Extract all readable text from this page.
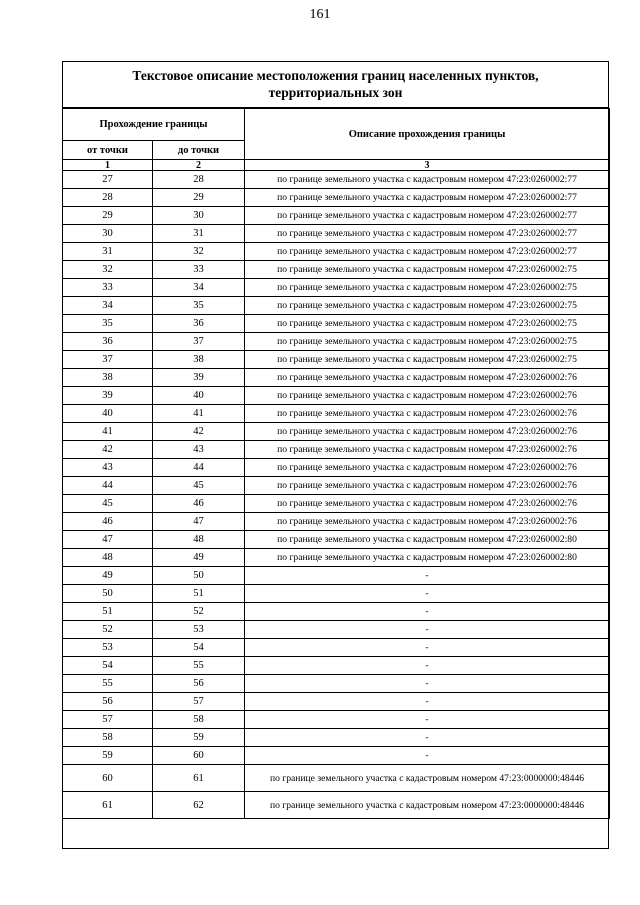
161
Текстовое описание местоположения границ населенных пунктов,
территориальных зон
Прохождение границы		Описание прохождения границы
от точки	до точки	
1	2	3
27	28	по границе земельного участка с кадастровым номером 47:23:0260002:77
28	29	по границе земельного участка с кадастровым номером 47:23:0260002:77
29	30	по границе земельного участка с кадастровым номером 47:23:0260002:77
30	31	по границе земельного участка с кадастровым номером 47:23:0260002:77
31	32	по границе земельного участка с кадастровым номером 47:23:0260002:77
32	33	по границе земельного участка с кадастровым номером 47:23:0260002:75
33	34	по границе земельного участка с кадастровым номером 47:23:0260002:75
34	35	по границе земельного участка с кадастровым номером 47:23:0260002:75
35	36	по границе земельного участка с кадастровым номером 47:23:0260002:75
36	37	по границе земельного участка с кадастровым номером 47:23:0260002:75
37	38	по границе земельного участка с кадастровым номером 47:23:0260002:75
38	39	по границе земельного участка с кадастровым номером 47:23:0260002:76
39	40	по границе земельного участка с кадастровым номером 47:23:0260002:76
40	41	по границе земельного участка с кадастровым номером 47:23:0260002:76
41	42	по границе земельного участка с кадастровым номером 47:23:0260002:76
42	43	по границе земельного участка с кадастровым номером 47:23:0260002:76
43	44	по границе земельного участка с кадастровым номером 47:23:0260002:76
44	45	по границе земельного участка с кадастровым номером 47:23:0260002:76
45	46	по границе земельного участка с кадастровым номером 47:23:0260002:76
46	47	по границе земельного участка с кадастровым номером 47:23:0260002:76
47	48	по границе земельного участка с кадастровым номером 47:23:0260002:80
48	49	по границе земельного участка с кадастровым номером 47:23:0260002:80
49	50	-
50	51	-
51	52	-
52	53	-
53	54	-
54	55	-
55	56	-
56	57	-
57	58	-
58	59	-
59	60	-
60	61	по границе земельного участка с кадастровым номером 47:23:0000000:48446
61	62	по границе земельного участка с кадастровым номером 47:23:0000000:48446
